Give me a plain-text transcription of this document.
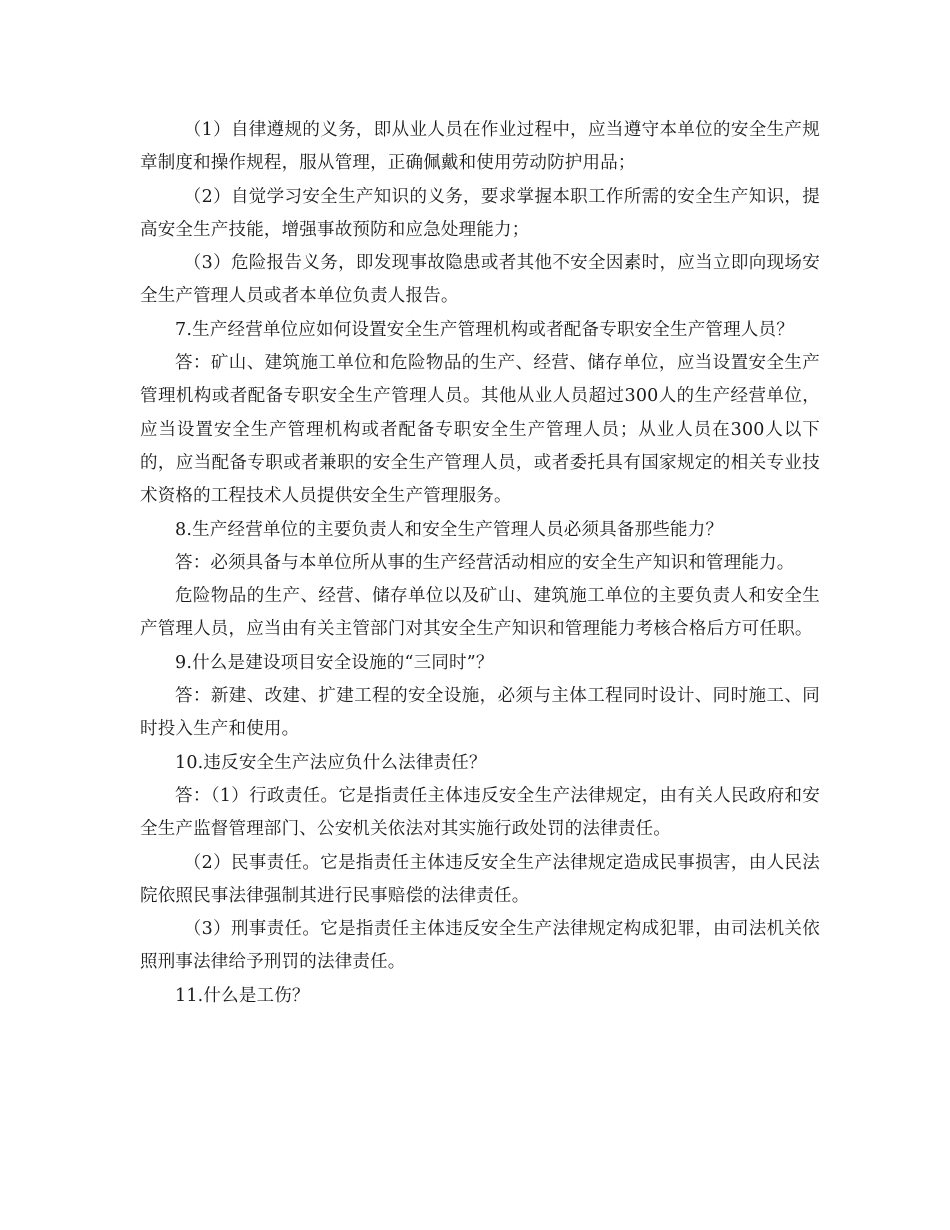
（1）自律遵规的义务，即从业人员在作业过程中，应当遵守本单位的安全生产规章制度和操作规程，服从管理，正确佩戴和使用劳动防护用品；

（2）自觉学习安全生产知识的义务，要求掌握本职工作所需的安全生产知识，提高安全生产技能，增强事故预防和应急处理能力；

（3）危险报告义务，即发现事故隐患或者其他不安全因素时，应当立即向现场安全生产管理人员或者本单位负责人报告。

7.生产经营单位应如何设置安全生产管理机构或者配备专职安全生产管理人员？

答：矿山、建筑施工单位和危险物品的生产、经营、储存单位，应当设置安全生产管理机构或者配备专职安全生产管理人员。其他从业人员超过300人的生产经营单位，应当设置安全生产管理机构或者配备专职安全生产管理人员；从业人员在300人以下的，应当配备专职或者兼职的安全生产管理人员，或者委托具有国家规定的相关专业技术资格的工程技术人员提供安全生产管理服务。

8.生产经营单位的主要负责人和安全生产管理人员必须具备那些能力？

答：必须具备与本单位所从事的生产经营活动相应的安全生产知识和管理能力。

危险物品的生产、经营、储存单位以及矿山、建筑施工单位的主要负责人和安全生产管理人员，应当由有关主管部门对其安全生产知识和管理能力考核合格后方可任职。

9.什么是建设项目安全设施的“三同时”？

答：新建、改建、扩建工程的安全设施，必须与主体工程同时设计、同时施工、同时投入生产和使用。

10.违反安全生产法应负什么法律责任？

答：（1）行政责任。它是指责任主体违反安全生产法律规定，由有关人民政府和安全生产监督管理部门、公安机关依法对其实施行政处罚的法律责任。

（2）民事责任。它是指责任主体违反安全生产法律规定造成民事损害，由人民法院依照民事法律强制其进行民事赔偿的法律责任。

（3）刑事责任。它是指责任主体违反安全生产法律规定构成犯罪，由司法机关依照刑事法律给予刑罚的法律责任。

11.什么是工伤？
